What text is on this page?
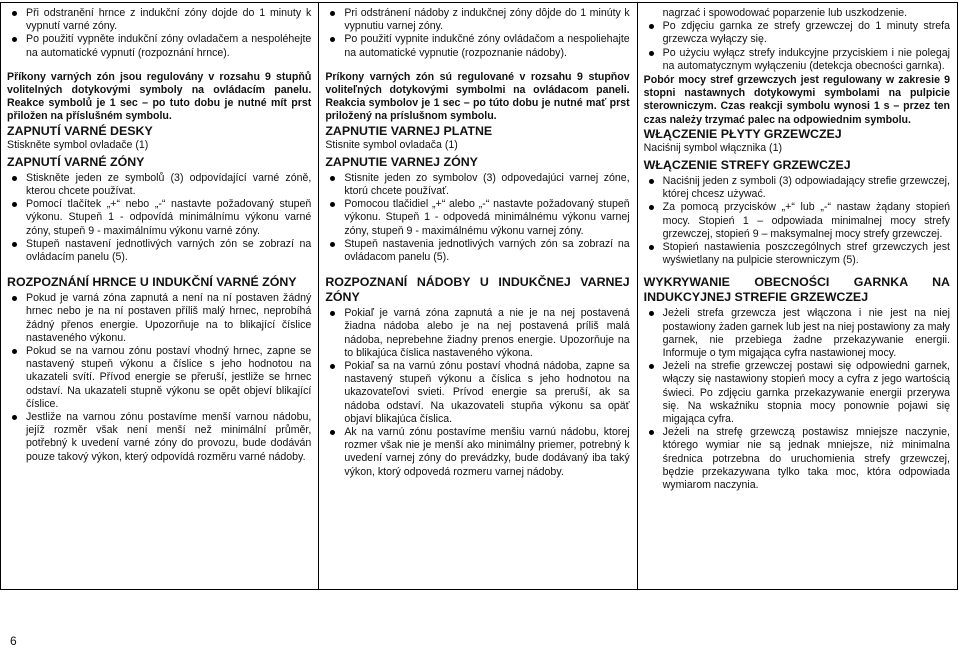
Při odstranění hrnce z indukční zóny dojde do 1 minuty k vypnutí varné zóny.
Po použití vypněte indukční zóny ovladačem a nespoléhejte na automatické vypnutí (rozpoznání hrnce).
Příkony varných zón jsou regulovány v rozsahu 9 stupňů volitelných dotykovými symboly na ovládacím panelu. Reakce symbolů je 1 sec – po tuto dobu je nutné mít prst přiložen na příslušném symbolu.
ZAPNUTÍ VARNÉ DESKY
Stiskněte symbol ovladače (1)
ZAPNUTÍ VARNÉ ZÓNY
Stiskněte jeden ze symbolů (3) odpovídající varné zóně, kterou chcete používat.
Pomocí tlačítek „+“ nebo „-“ nastavte požadovaný stupeň výkonu. Stupeň 1 - odpovídá minimálnímu výkonu varné zóny, stupeň 9 - maximálnímu výkonu varné zóny.
Stupeň nastavení jednotlivých varných zón se zobrazí na ovládacím panelu (5).
ROZPOZNÁNÍ HRNCE U INDUKČNÍ VARNÉ ZÓNY
Pokud je varná zóna zapnutá a není na ní postaven žádný hrnec nebo je na ní postaven příliš malý hrnec, neprobíhá žádný přenos energie. Upozorňuje na to blikající číslice nastaveného výkonu.
Pokud se na varnou zónu postaví vhodný hrnec, zapne se nastavený stupeň výkonu a číslice s jeho hodnotou na ukazateli svítí. Přívod energie se přeruší, jestliže se hrnec odstaví. Na ukazateli stupně výkonu se opět objeví blikající číslice.
Jestliže na varnou zónu postavíme menší varnou nádobu, jejíž rozměr však není menší než minimální průměr, potřebný k uvedení varné zóny do provozu, bude dodáván pouze takový výkon, který odpovídá rozměru varné nádoby.
Pri odstránení nádoby z indukčnej zóny dôjde do 1 minúty k vypnutiu varnej zóny.
Po použití vypnite indukčné zóny ovládačom a nespoliehajte na automatické vypnutie (rozpoznanie nádoby).
Príkony varných zón sú regulované v rozsahu 9 stupňov voliteľných dotykovými symbolmi na ovládacom paneli. Reakcia symbolov je 1 sec – po túto dobu je nutné mať prst priložený na príslušnom symbolu.
ZAPNUTIE VARNEJ PLATNE
Stisnite symbol ovladača (1)
ZAPNUTIE VARNEJ ZÓNY
Stisnite jeden zo symbolov (3) odpovedajúci varnej zóne, ktorú chcete používať.
Pomocou tlačidiel „+“ alebo „-“ nastavte požadovaný stupeň výkonu. Stupeň 1 - odpovedá minimálnému výkonu varnej zóny, stupeň 9 - maximálnému výkonu varnej zóny.
Stupeň nastavenia jednotlivých varných zón sa zobrazí na ovládacom panelu (5).
ROZPOZNANÍ NÁDOBY U INDUKČNEJ VARNEJ ZÓNY
Pokiaľ je varná zóna zapnutá a nie je na nej postavená žiadna nádoba alebo je na nej postavená príliš malá nádoba, neprebehne žiadny prenos energie. Upozorňuje na to blikajúca číslica nastaveného výkona.
Pokiaľ sa na varnú zónu postaví vhodná nádoba, zapne sa nastavený stupeň výkonu a číslica s jeho hodnotou na ukazovateľovi svieti. Prívod energie sa preruší, ak sa nádoba odstaví. Na ukazovateli stupňa výkonu sa opäť objaví blikajúca číslica.
Ak na varnú zónu postavíme menšiu varnú nádobu, ktorej rozmer však nie je menší ako minimálny priemer, potrebný k uvedení varnej zóny do prevádzky, bude dodávaný iba taký výkon, ktorý odpovedá rozmeru varnej nádoby.
nagrzać i spowodować poparzenie lub uszkodzenie.
Po zdjęciu garnka ze strefy grzewczej do 1 minuty strefa grzewcza wyłączy się.
Po użyciu wyłącz strefy indukcyjne przyciskiem i nie polegaj na automatycznym wyłączeniu (detekcja obecności garnka).
Pobór mocy stref grzewczych jest regulowany w zakresie 9 stopni nastawnych dotykowymi symbolami na pulpicie sterowniczym. Czas reakcji symbolu wynosi 1 s – przez ten czas należy trzymać palec na odpowiednim symbolu.
WŁĄCZENIE PŁYTY GRZEWCZEJ
Naciśnij symbol włącznika (1)
WŁĄCZENIE STREFY GRZEWCZEJ
Naciśnij jeden z symboli (3) odpowiadający strefie grzewczej, której chcesz używać.
Za pomocą przycisków „+“ lub „-“ nastaw żądany stopień mocy. Stopień 1 – odpowiada minimalnej mocy strefy grzewczej, stopień 9 – maksymalnej mocy strefy grzewczej.
Stopień nastawienia poszczególnych stref grzewczych jest wyświetlany na pulpicie sterowniczym (5).
WYKRYWANIE OBECNOŚCI GARNKA NA INDUKCYJNEJ STREFIE GRZEWCZEJ
Jeżeli strefa grzewcza jest włączona i nie jest na niej postawiony żaden garnek lub jest na niej postawiony za mały garnek, nie przebiega żadne przekazywanie energii. Informuje o tym migająca cyfra nastawionej mocy.
Jeżeli na strefie grzewczej postawi się odpowiedni garnek, włączy się nastawiony stopień mocy a cyfra z jego wartością świeci. Po zdjęciu garnka przekazywanie energii przerywa się. Na wskaźniku stopnia mocy ponownie pojawi się migająca cyfra.
Jeżeli na strefę grzewczą postawisz mniejsze naczynie, którego wymiar nie są jednak mniejsze, niż minimalna średnica potrzebna do uruchomienia strefy grzewczej, będzie przekazywana tylko taka moc, która odpowiada wymiarom naczynia.
6
